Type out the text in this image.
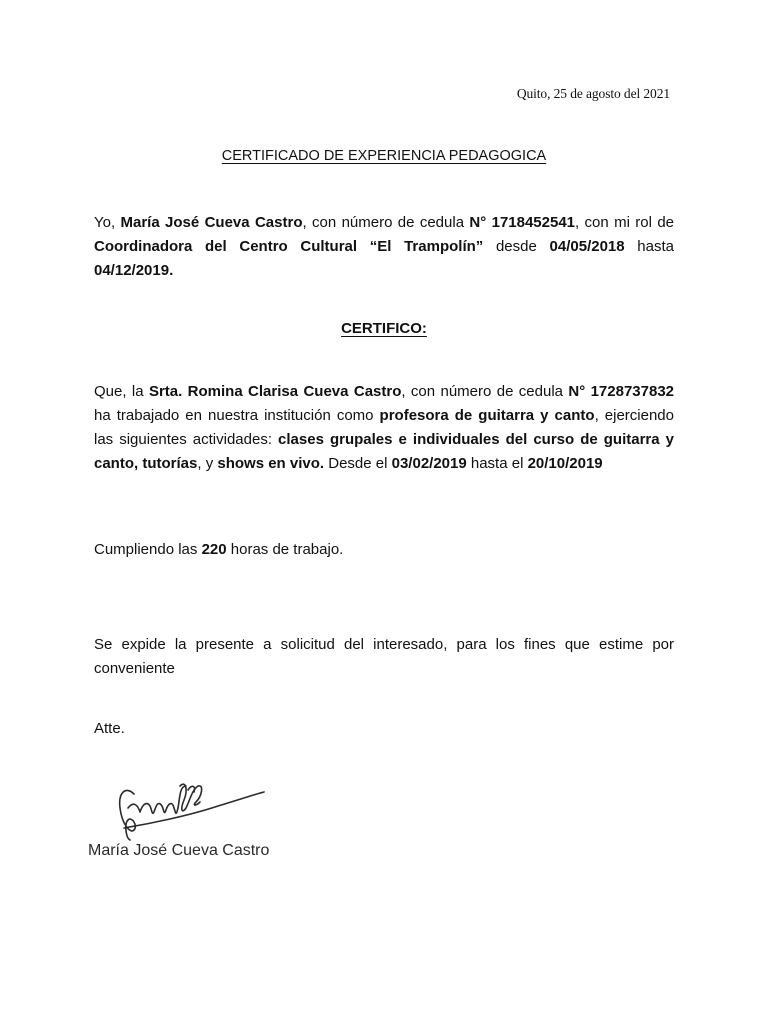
Quito, 25 de agosto del 2021
CERTIFICADO DE EXPERIENCIA PEDAGOGICA
Yo, María José Cueva Castro, con número de cedula N° 1718452541, con mi rol de Coordinadora del Centro Cultural “El Trampolín” desde 04/05/2018 hasta 04/12/2019.
CERTIFICO:
Que, la Srta. Romina Clarisa Cueva Castro, con número de cedula N° 1728737832 ha trabajado en nuestra institución como profesora de guitarra y canto, ejerciendo las siguientes actividades: clases grupales e individuales del curso de guitarra y canto, tutorías, y shows en vivo. Desde el 03/02/2019 hasta el 20/10/2019
Cumpliendo las 220 horas de trabajo.
Se expide la presente a solicitud del interesado, para los fines que estime por conveniente
Atte.
María José Cueva Castro
